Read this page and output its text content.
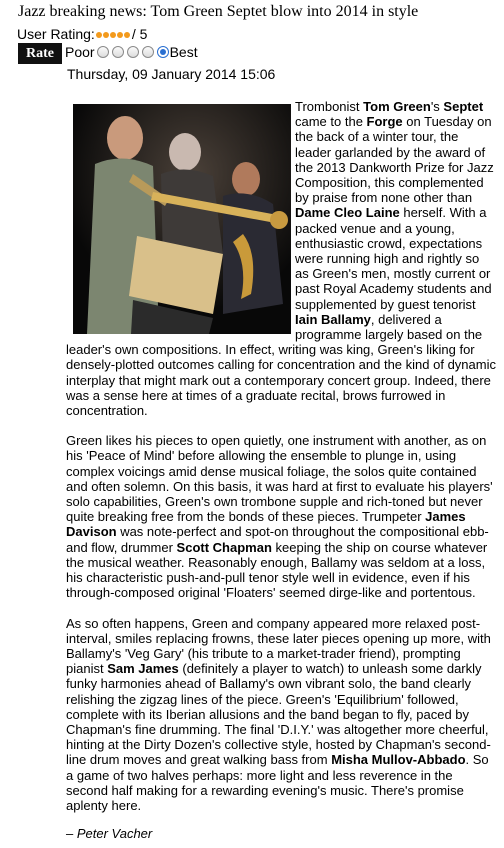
Jazz breaking news: Tom Green Septet blow into 2014 in style
User Rating:	/ 5
Rate Poor	Best
Thursday, 09 January 2014 15:06

Trombonist Tom Green's Septet came to the Forge on Tuesday on the back of a winter tour, the leader garlanded by the award of the 2013 Dankworth Prize for Jazz Composition, this complemented by praise from none other than Dame Cleo Laine herself. With a packed venue and a young, enthusiastic crowd, expectations were running high and rightly so as Green's men, mostly current or past Royal Academy students and supplemented by guest tenorist Iain Ballamy, delivered a programme largely based on the leader's own compositions. In effect, writing was king, Green's liking for densely-plotted outcomes calling for concentration and the kind of dynamic interplay that might mark out a contemporary concert group. Indeed, there was a sense here at times of a graduate recital, brows furrowed in concentration.

Green likes his pieces to open quietly, one instrument with another, as on his 'Peace of Mind' before allowing the ensemble to plunge in, using complex voicings amid dense musical foliage, the solos quite contained and often solemn. On this basis, it was hard at first to evaluate his players' solo capabilities, Green's own trombone supple and rich-toned but never quite breaking free from the bonds of these pieces. Trumpeter James Davison was note-perfect and spot-on throughout the compositional ebb-and flow, drummer Scott Chapman keeping the ship on course whatever the musical weather. Reasonably enough, Ballamy was seldom at a loss, his characteristic push-and-pull tenor style well in evidence, even if his through-composed original 'Floaters' seemed dirge-like and portentous.

As so often happens, Green and company appeared more relaxed post-interval, smiles replacing frowns, these later pieces opening up more, with Ballamy's 'Veg Gary' (his tribute to a market-trader friend), prompting pianist Sam James (definitely a player to watch) to unleash some darkly funky harmonies ahead of Ballamy's own vibrant solo, the band clearly relishing the zigzag lines of the piece. Green's 'Equilibrium' followed, complete with its Iberian allusions and the band began to fly, paced by Chapman's fine drumming. The final 'D.I.Y.' was altogether more cheerful, hinting at the Dirty Dozen's collective style, hosted by Chapman's second-line drum moves and great walking bass from Misha Mullov-Abbado. So a game of two halves perhaps: more light and less reverence in the second half making for a rewarding evening's music. There's promise aplenty here.

– Peter Vacher
